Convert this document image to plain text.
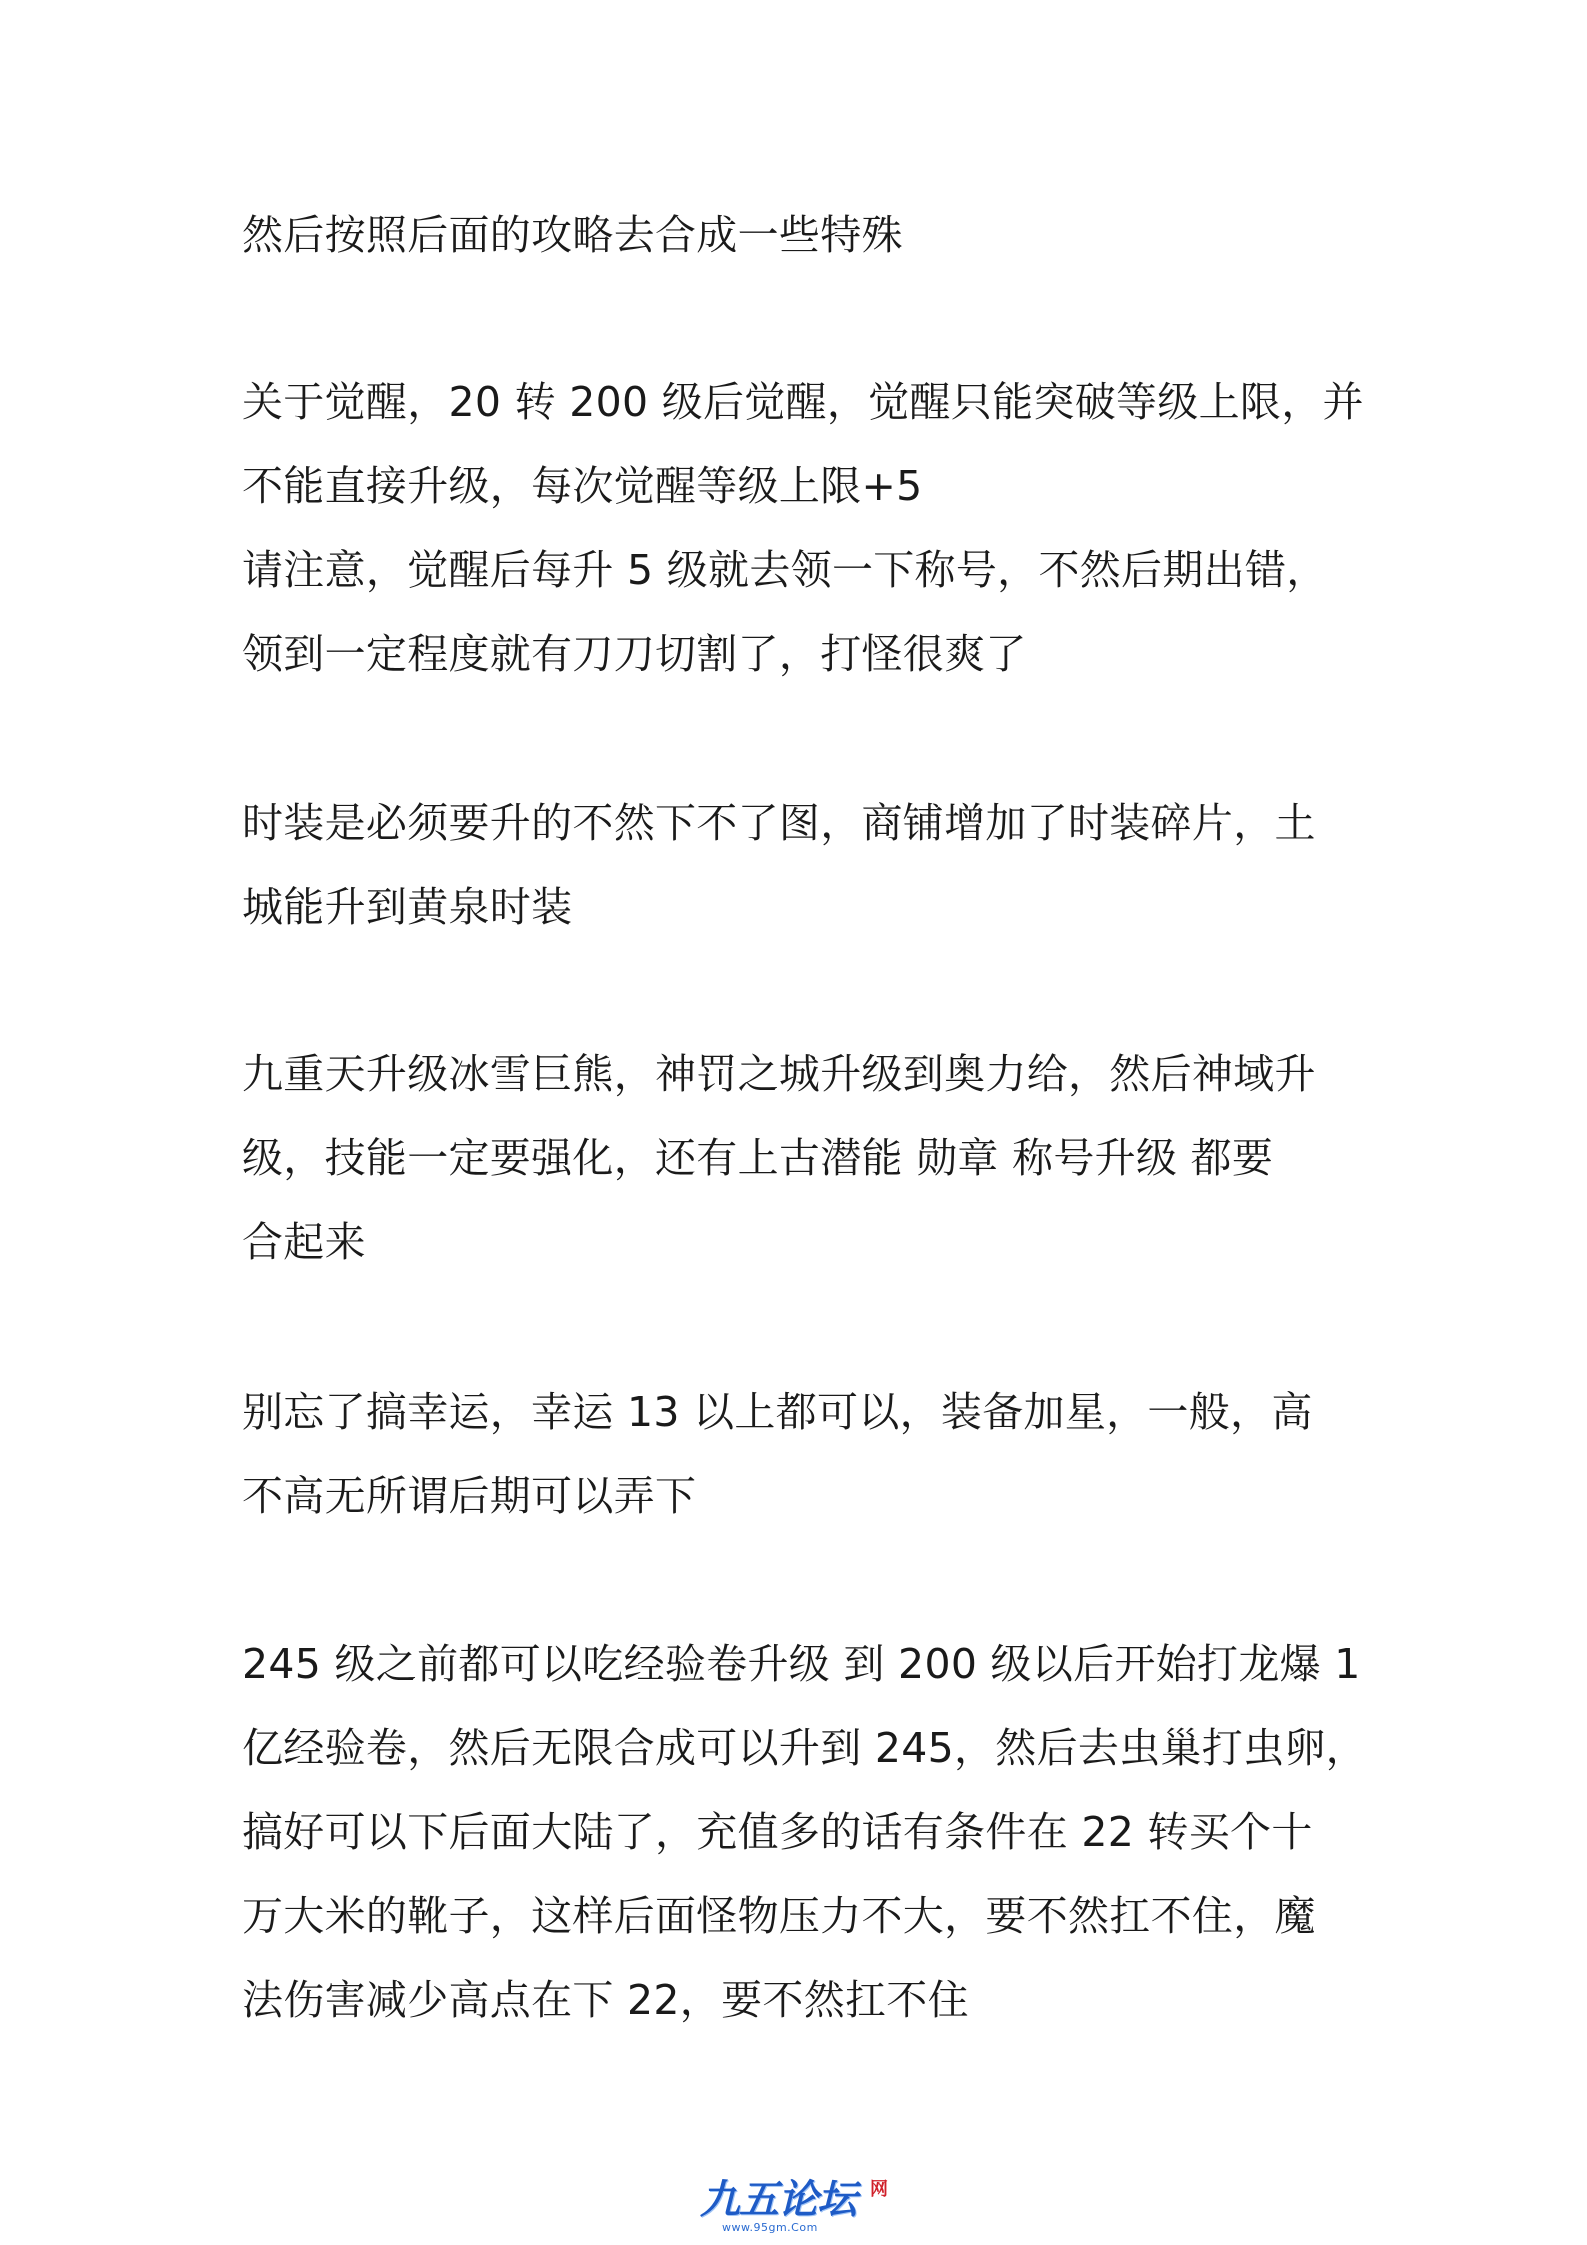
然后按照后面的攻略去合成一些特殊
关于觉醒，20 转 200 级后觉醒，觉醒只能突破等级上限，并
不能直接升级，每次觉醒等级上限+5
请注意，觉醒后每升 5 级就去领一下称号，不然后期出错，
领到一定程度就有刀刀切割了，打怪很爽了
时装是必须要升的不然下不了图，商铺增加了时装碎片，土
城能升到黄泉时装
九重天升级冰雪巨熊，神罚之城升级到奥力给，然后神域升
级，技能一定要强化，还有上古潜能 勋章 称号升级 都要
合起来
别忘了搞幸运，幸运 13 以上都可以，装备加星，一般，高
不高无所谓后期可以弄下
245 级之前都可以吃经验卷升级 到 200 级以后开始打龙爆 1
亿经验卷，然后无限合成可以升到 245，然后去虫巢打虫卵，
搞好可以下后面大陆了，充值多的话有条件在 22 转买个十
万大米的靴子，这样后面怪物压力不大，要不然扛不住，魔
法伤害减少高点在下 22，要不然扛不住
九五论坛 网
www.95gm.Com
